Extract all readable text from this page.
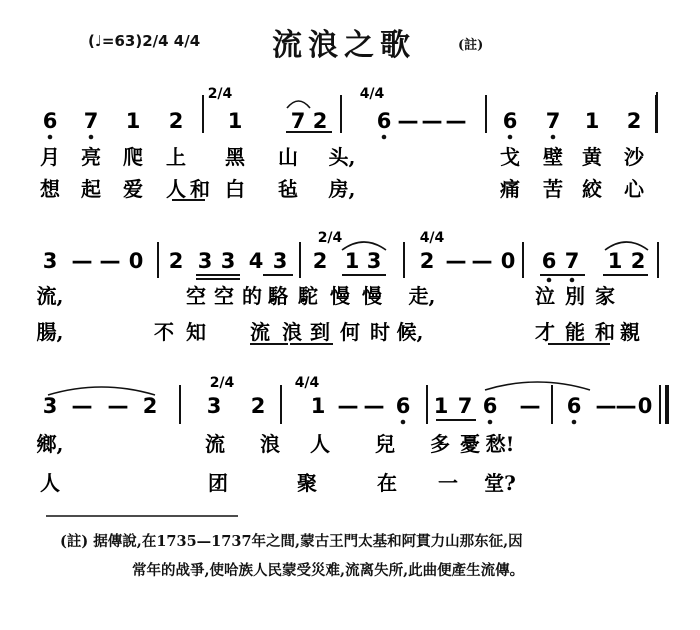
(♩=63)2/4 4/4 流浪之歌	(註)
6 7 1 2 1 7 2 6 — — — 6 7 1 2
2/4	4/4
月 亮 爬 上 黑 山 头,	戈 壁 黄 沙
想 起 爱 人 和 白 毡 房,	痛 苦 絞 心
3 — — 0 2 3 3 4 3 2 1 3 2 — — 0 6 7 1 2
2/4	4/4
流,	空 空 的 駱 駝 慢 慢 走,	泣 別 家
腸,	不 知 流 浪 到 何 时 候,	才 能 和 親
3 — — 2 3 2 1 — — 6 1 7 6 — 6 — — 0
2/4	4/4
鄉,	流 浪 人 兒 多 憂 愁!
人	团	聚	在 一 堂?
(註) 据傳說,在1735—1737年之間,蒙古王門太基和阿貫力山那东征,因
常年的战爭,使哈族人民蒙受災难,流离失所,此曲便產生流傳。
